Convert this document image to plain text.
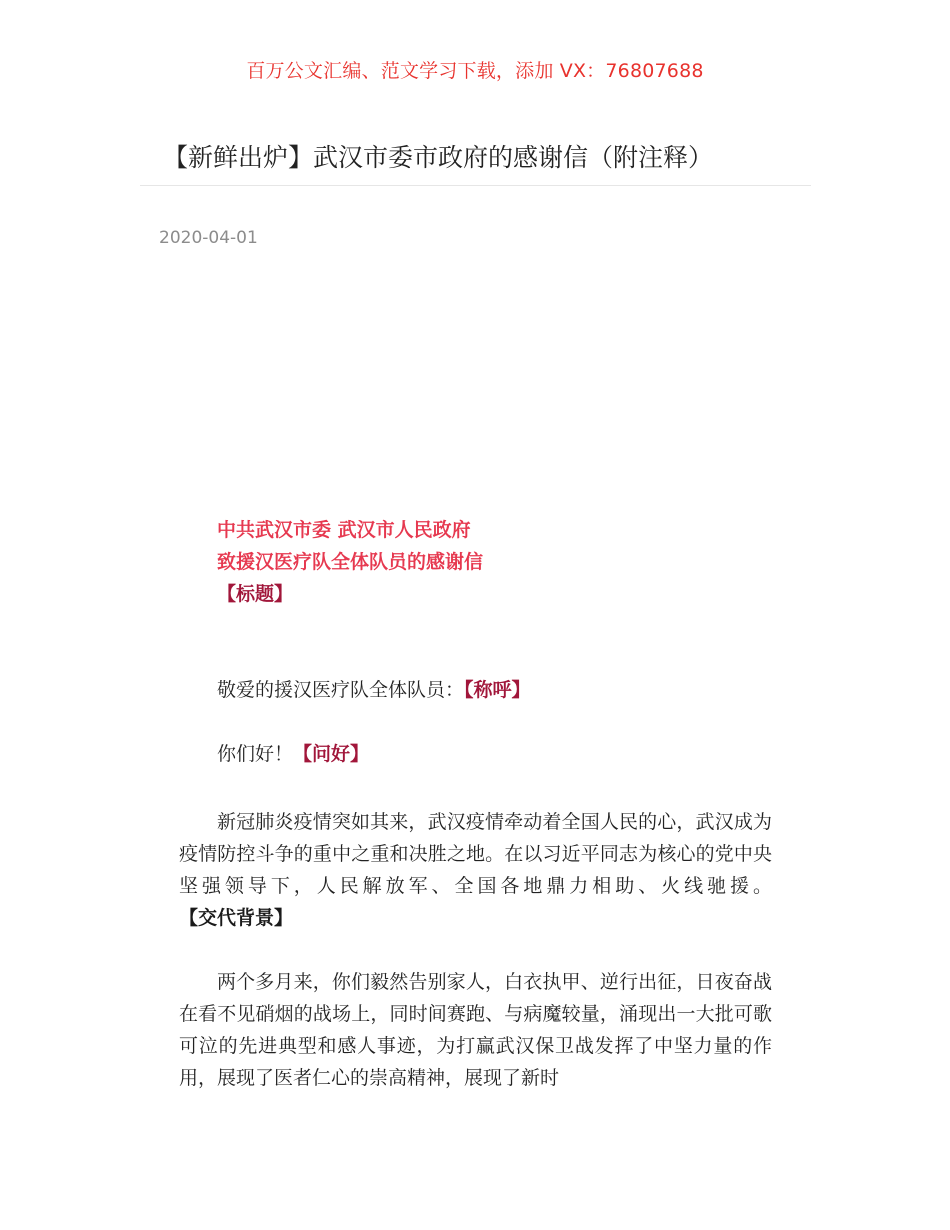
百万公文汇编、范文学习下载，添加 VX：76807688
【新鲜出炉】武汉市委市政府的感谢信（附注释）
2020-04-01
中共武汉市委 武汉市人民政府
致援汉医疗队全体队员的感谢信
【标题】

敬爱的援汉医疗队全体队员：【称呼】

你们好！【问好】

新冠肺炎疫情突如其来，武汉疫情牵动着全国人民的心，武汉成为疫情防控斗争的重中之重和决胜之地。在以习近平同志为核心的党中央坚强领导下，人民解放军、全国各地鼎力相助、火线驰援。【交代背景】

两个多月来，你们毅然告别家人，白衣执甲、逆行出征，日夜奋战在看不见硝烟的战场上，同时间赛跑、与病魔较量，涌现出一大批可歌可泣的先进典型和感人事迹，为打赢武汉保卫战发挥了中坚力量的作用，展现了医者仁心的崇高精神，展现了新时
